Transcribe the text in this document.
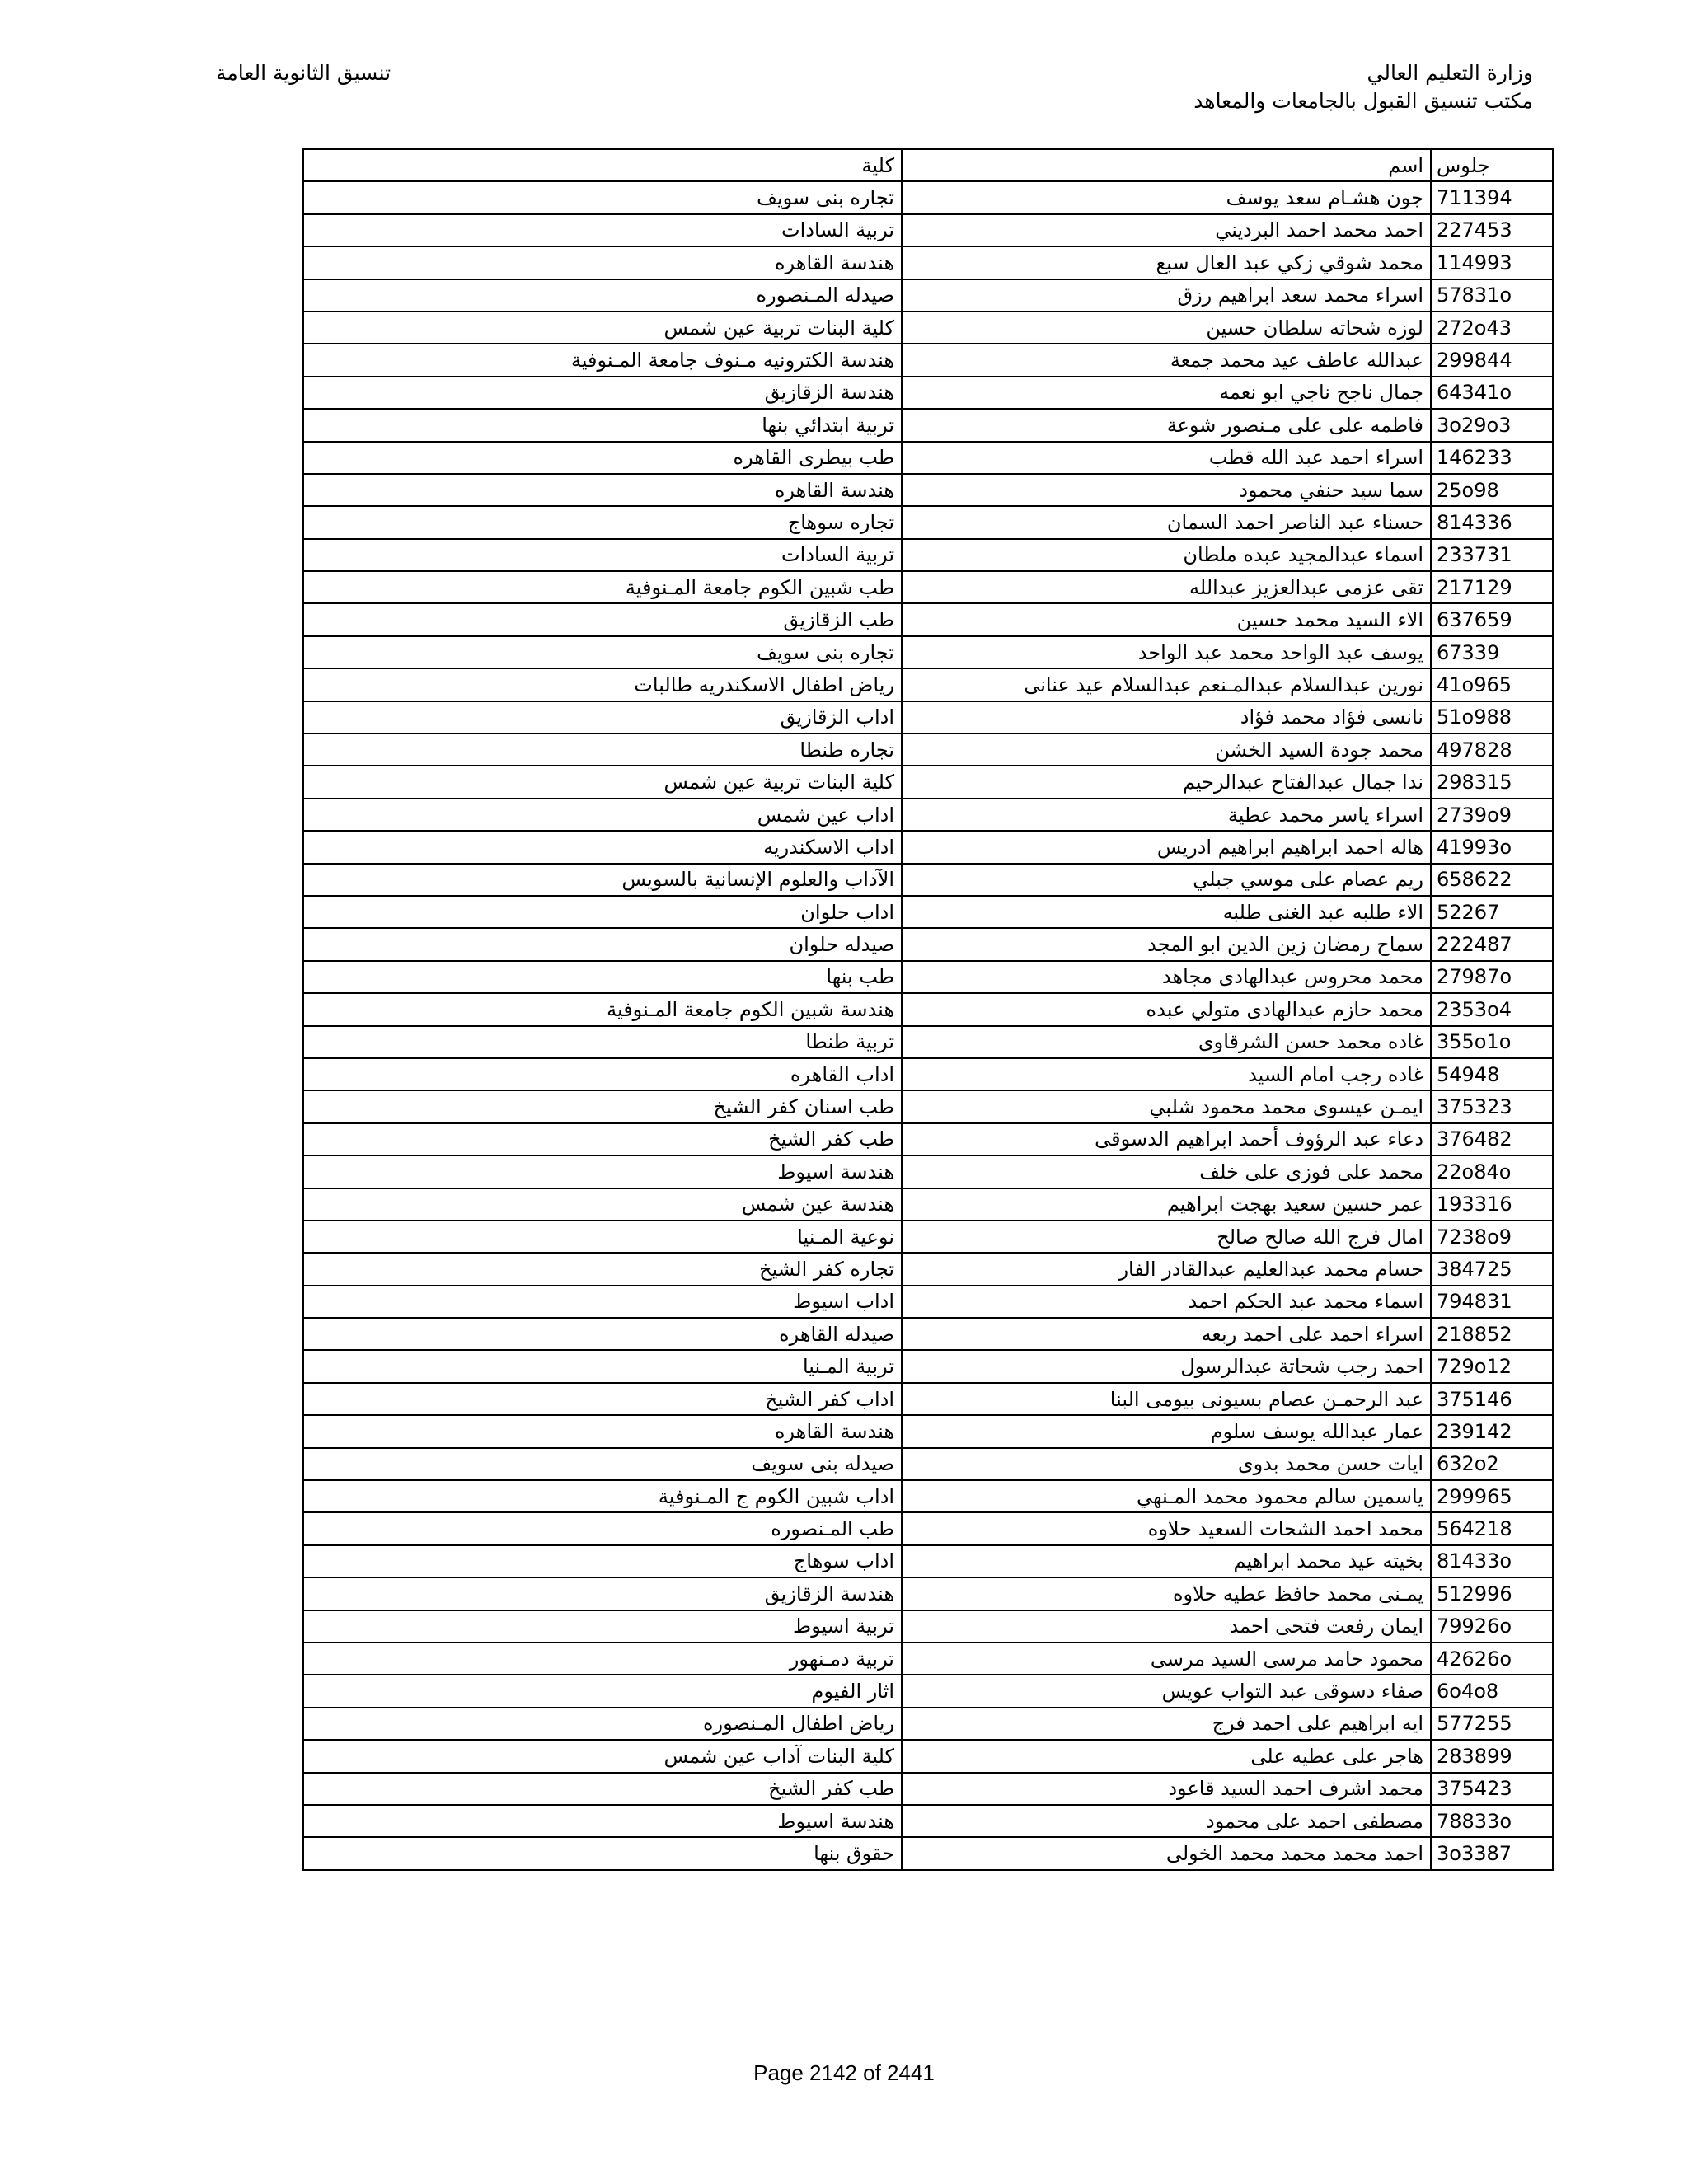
وزارة التعليم العالي
مكتب تنسيق القبول بالجامعات والمعاهد
تنسيق الثانوية العامة
جلوس	اسم	كلية
711394	جون هشـام سعد يوسف	تجاره بنى سويف
227453	احمد محمد احمد البرديني	تربية السادات
114993	محمد شوقي زكي عبد العال سبع	هندسة القاهره
57831o	اسراء محمد سعد ابراهيم رزق	صيدله المـنصوره
272o43	لوزه شحاته سلطان حسين	كلية البنات تربية عين شمس
299844	عبدالله عاطف عيد محمد جمعة	هندسة الكترونيه مـنوف جامعة المـنوفية
64341o	جمال ناجح ناجي ابو نعمه	هندسة الزقازيق
3o29o3	فاطمه على على مـنصور شوعة	تربية ابتدائي بنها
146233	اسراء احمد عبد الله قطب	طب بيطرى القاهره
25o98	سما سيد حنفي محمود	هندسة القاهره
814336	حسناء عبد الناصر احمد السمان	تجاره سوهاج
233731	اسماء عبدالمجيد عبده ملطان	تربية السادات
217129	تقى عزمى عبدالعزيز عبدالله	طب شبين الكوم جامعة المـنوفية
637659	الاء السيد محمد حسين	طب الزقازيق
67339	يوسف عبد الواحد محمد عبد الواحد	تجاره بنى سويف
41o965	نورين عبدالسلام عبدالمـنعم عبدالسلام عيد عنانى	رياض اطفال الاسكندريه طالبات
51o988	نانسى فؤاد محمد فؤاد	اداب الزقازيق
497828	محمد جودة السيد الخشن	تجاره طنطا
298315	ندا جمال عبدالفتاح عبدالرحيم	كلية البنات تربية عين شمس
2739o9	اسراء ياسر محمد عطية	اداب عين شمس
41993o	هاله احمد ابراهيم ابراهيم ادريس	اداب الاسكندريه
658622	ريم عصام على موسي جبلي	الآداب والعلوم الإنسانية بالسويس
52267	الاء طلبه عبد الغنى طلبه	اداب حلوان
222487	سماح رمضان زين الدين ابو المجد	صيدله حلوان
27987o	محمد محروس عبدالهادى مجاهد	طب بنها
2353o4	محمد حازم عبدالهادى متولي عبده	هندسة شبين الكوم جامعة المـنوفية
355o1o	غاده محمد حسن الشرقاوى	تربية طنطا
54948	غاده رجب امام السيد	اداب القاهره
375323	ايمـن عيسوى محمد محمود شلبي	طب اسنان كفر الشيخ
376482	دعاء عبد الرؤوف أحمد ابراهيم الدسوقى	طب كفر الشيخ
22o84o	محمد على فوزى على خلف	هندسة اسيوط
193316	عمر حسين سعيد بهجت ابراهيم	هندسة عين شمس
7238o9	امال فرج الله صالح صالح	نوعية المـنيا
384725	حسام محمد عبدالعليم عبدالقادر الفار	تجاره كفر الشيخ
794831	اسماء محمد عبد الحكم احمد	اداب اسيوط
218852	اسراء احمد على احمد ربعه	صيدله القاهره
729o12	احمد رجب شحاتة عبدالرسول	تربية المـنيا
375146	عبد الرحمـن عصام بسيونى بيومى البنا	اداب كفر الشيخ
239142	عمار عبدالله يوسف سلوم	هندسة القاهره
632o2	ايات حسن محمد بدوى	صيدله بنى سويف
299965	ياسمين سالم محمود محمد المـنهي	اداب شبين الكوم ج المـنوفية
564218	محمد احمد الشحات السعيد حلاوه	طب المـنصوره
81433o	بخيته عيد محمد ابراهيم	اداب سوهاج
512996	يمـنى محمد حافظ عطيه حلاوه	هندسة الزقازيق
79926o	ايمان رفعت فتحى احمد	تربية اسيوط
42626o	محمود حامد مرسى السيد مرسى	تربية دمـنهور
6o4o8	صفاء دسوقى عبد التواب عويس	اثار الفيوم
577255	ايه ابراهيم على احمد فرج	رياض اطفال المـنصوره
283899	هاجر على عطيه على	كلية البنات آداب عين شمس
375423	محمد اشرف احمد السيد قاعود	طب كفر الشيخ
78833o	مصطفى احمد على محمود	هندسة اسيوط
3o3387	احمد محمد محمد محمد الخولى	حقوق بنها
Page 2142 of 2441
